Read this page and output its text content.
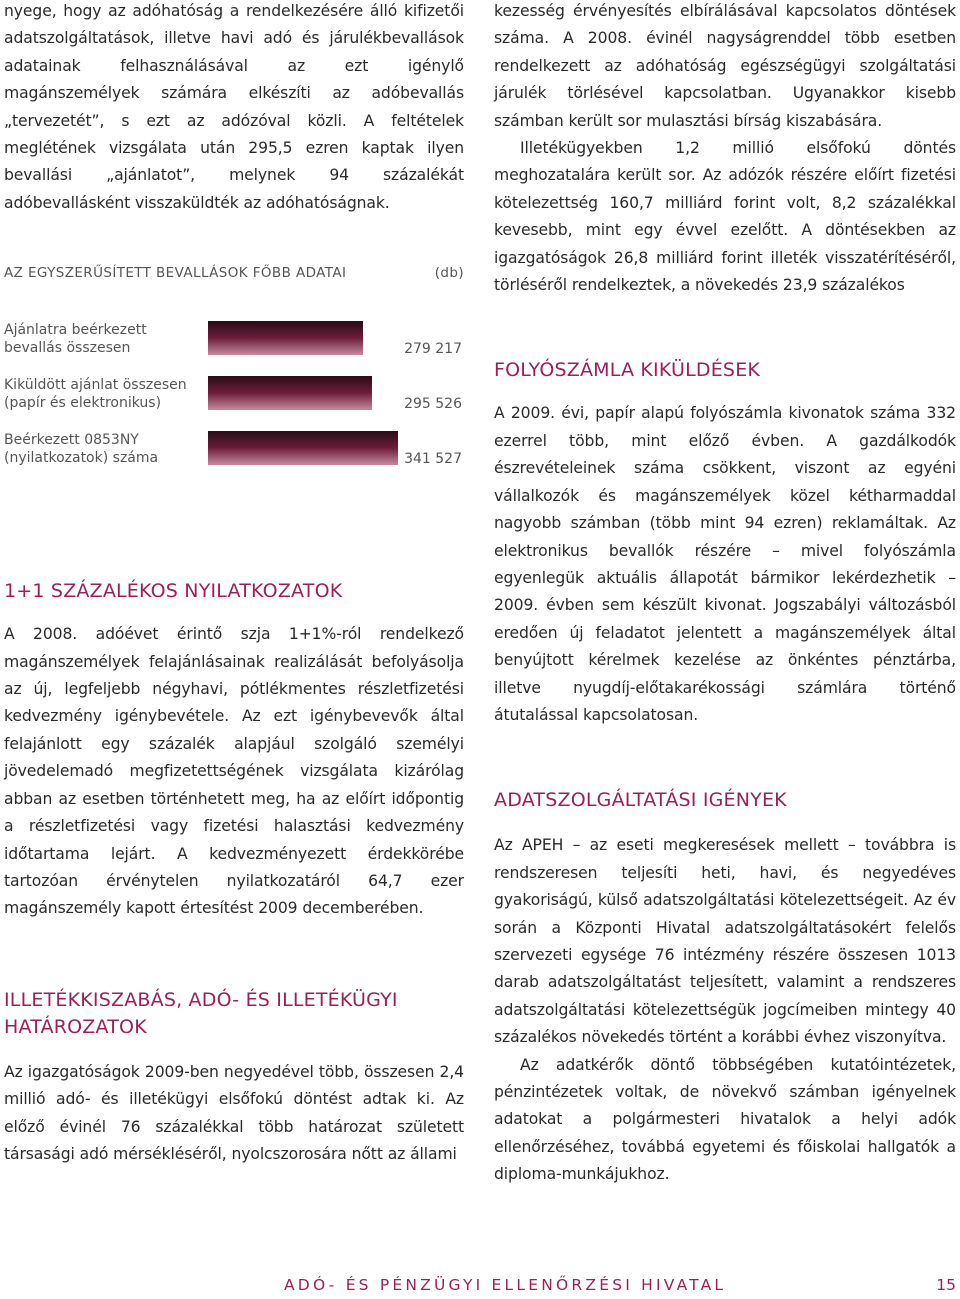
nyege, hogy az adóhatóság a rendelkezésére álló kifizetői adatszolgáltatások, illetve havi adó és járulékbevallások adatainak felhasználásával az ezt igénylő magánszemélyek számára elkészíti az adóbevallás „tervezetét”, s ezt az adózóval közli. A feltételek meglétének vizsgálata után 295,5 ezren kaptak ilyen bevallási „ajánlatot”, melynek 94 százalékát adóbevallásként visszaküldték az adóhatóságnak.

AZ EGYSZERŰSÍTETT BEVALLÁSOK FŐBB ADATAI	(db)
Ajánlatra beérkezett
bevallás összesen	279 217
Kiküldött ajánlat összesen
(papír és elektronikus)	295 526
Beérkezett 0853NY
(nyilatkozatok) száma	341 527
1+1 SZÁZALÉKOS NYILATKOZATOK

A 2008. adóévet érintő szja 1+1%-ról rendelkező magánszemélyek felajánlásainak realizálását befolyásolja az új, legfeljebb négyhavi, pótlékmentes részletfizetési kedvezmény igénybevétele. Az ezt igénybevevők által felajánlott egy százalék alapjául szolgáló személyi jövedelemadó megfizetettségének vizsgálata kizárólag abban az esetben történhetett meg, ha az előírt időpontig a részletfizetési vagy fizetési halasztási kedvezmény időtartama lejárt. A kedvezményezett érdekkörébe tartozóan érvénytelen nyilatkozatáról 64,7 ezer magánszemély kapott értesítést 2009 decemberében.

ILLETÉKKISZABÁS, ADÓ- ÉS ILLETÉKÜGYI HATÁROZATOK

Az igazgatóságok 2009-ben negyedével több, összesen 2,4 millió adó- és illetékügyi elsőfokú döntést adtak ki. Az előző évinél 76 százalékkal több határozat született társasági adó mérsékléséről, nyolcszorosára nőtt az állami

kezesség érvényesítés elbírálásával kapcsolatos döntések száma. A 2008. évinél nagyságrenddel több esetben rendelkezett az adóhatóság egészségügyi szolgáltatási járulék törlésével kapcsolatban. Ugyanakkor kisebb számban került sor mulasztási bírság kiszabására.

Illetékügyekben 1,2 millió elsőfokú döntés meghozatalára került sor. Az adózók részére előírt fizetési kötelezettség 160,7 milliárd forint volt, 8,2 százalékkal kevesebb, mint egy évvel ezelőtt. A döntésekben az igazgatóságok 26,8 milliárd forint illeték visszatérítéséről, törléséről rendelkeztek, a növekedés 23,9 százalékos

FOLYÓSZÁMLA KIKÜLDÉSEK

A 2009. évi, papír alapú folyószámla kivonatok száma 332 ezerrel több, mint előző évben. A gazdálkodók észrevételeinek száma csökkent, viszont az egyéni vállalkozók és magánszemélyek közel kétharmaddal nagyobb számban (több mint 94 ezren) reklamáltak. Az elektronikus bevallók részére – mivel folyószámla egyenlegük aktuális állapotát bármikor lekérdezhetik – 2009. évben sem készült kivonat. Jogszabályi változásból eredően új feladatot jelentett a magánszemélyek által benyújtott kérelmek kezelése az önkéntes pénztárba, illetve nyugdíj-előtakarékossági számlára történő átutalással kapcsolatosan.

ADATSZOLGÁLTATÁSI IGÉNYEK

Az APEH – az eseti megkeresések mellett – továbbra is rendszeresen teljesíti heti, havi, és negyedéves gyakoriságú, külső adatszolgáltatási kötelezettségeit. Az év során a Központi Hivatal adatszolgáltatásokért felelős szervezeti egysége 76 intézmény részére összesen 1013 darab adatszolgáltatást teljesített, valamint a rendszeres adatszolgáltatási kötelezettségük jogcímeiben mintegy 40 százalékos növekedés történt a korábbi évhez viszonyítva.

Az adatkérők döntő többségében kutatóintézetek, pénzintézetek voltak, de növekvő számban igényelnek adatokat a polgármesteri hivatalok a helyi adók ellenőrzéséhez, továbbá egyetemi és főiskolai hallgatók a diploma-munkájukhoz.

ADÓ- ÉS PÉNZÜGYI ELLENŐRZÉSI HIVATAL	15
